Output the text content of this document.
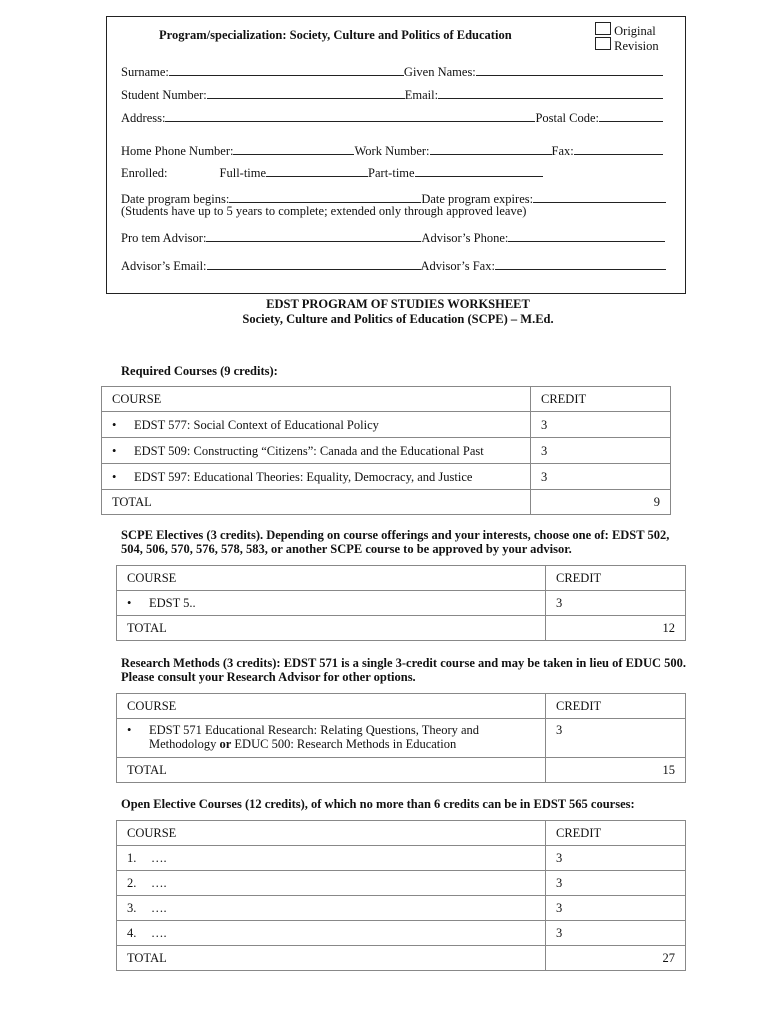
Program/specialization: Society, Culture and Politics of Education	Original
Revision
Surname:	Given Names:
Student Number:	Email:
Address:	Postal Code:
Home Phone Number:	Work Number:	Fax:
Enrolled:	Full-time	Part-time
Date program begins:	Date program expires:
(Students have up to 5 years to complete; extended only through approved leave)
Pro tem Advisor:	Advisor’s Phone:
Advisor’s Email:	Advisor’s Fax:
EDST PROGRAM OF STUDIES WORKSHEET
Society, Culture and Politics of Education (SCPE) – M.Ed.
Required Courses (9 credits):
COURSE	CREDIT
• EDST 577: Social Context of Educational Policy	3
• EDST 509: Constructing “Citizens”: Canada and the Educational Past	3
• EDST 597: Educational Theories: Equality, Democracy, and Justice	3
TOTAL	9
SCPE Electives (3 credits). Depending on course offerings and your interests, choose one of: EDST 502,
504, 506, 570, 576, 578, 583, or another SCPE course to be approved by your advisor.
COURSE	CREDIT
• EDST 5..	3
TOTAL	12
Research Methods (3 credits): EDST 571 is a single 3-credit course and may be taken in lieu of EDUC 500.
Please consult your Research Advisor for other options.
COURSE	CREDIT

• EDST 571 Educational Research: Relating Questions, Theory and
Methodology or EDUC 500: Research Methods in Education	3
TOTAL	15
Open Elective Courses (12 credits), of which no more than 6 credits can be in EDST 565 courses:
COURSE	CREDIT
1. ….	3
2. ….	3
3. ….	3
4. ….	3
TOTAL	27
